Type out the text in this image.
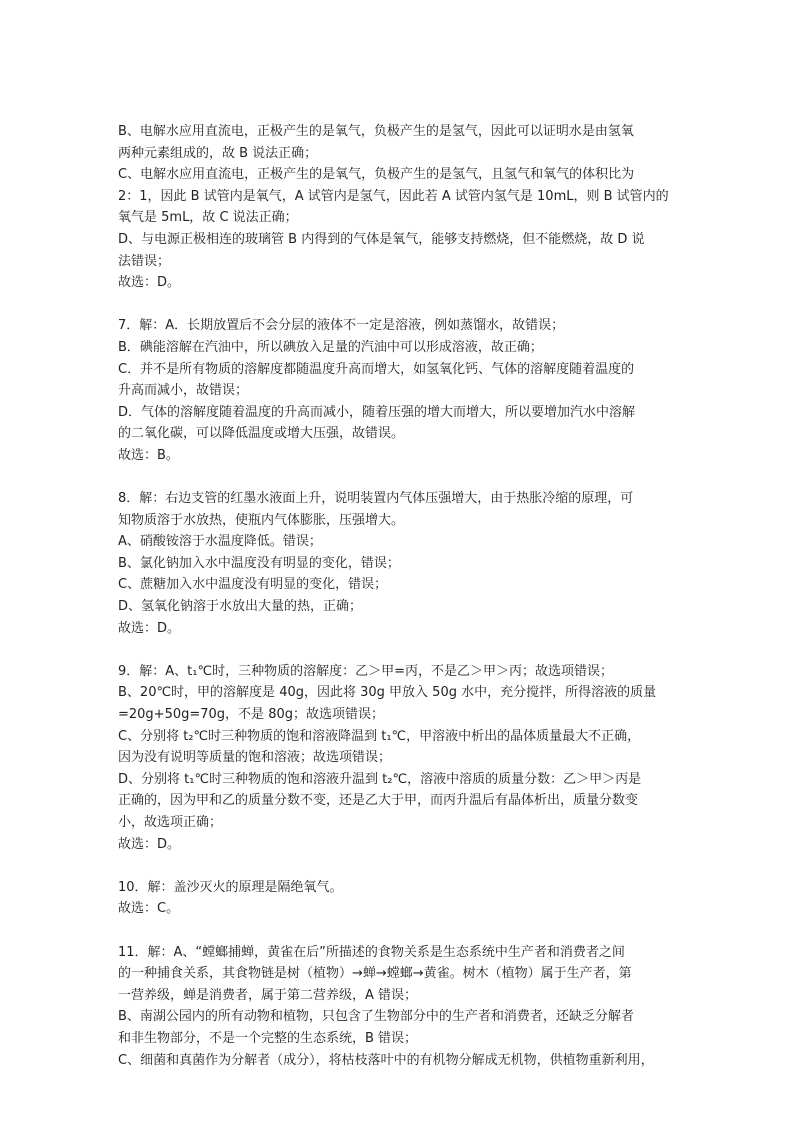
B、电解水应用直流电，正极产生的是氧气，负极产生的是氢气，因此可以证明水是由氢氧
两种元素组成的，故 B 说法正确；
C、电解水应用直流电，正极产生的是氧气，负极产生的是氢气，且氢气和氧气的体积比为
2：1，因此 B 试管内是氧气，A 试管内是氢气，因此若 A 试管内氢气是 10mL，则 B 试管内的
氧气是 5mL，故 C 说法正确；
D、与电源正极相连的玻璃管 B 内得到的气体是氧气，能够支持燃烧，但不能燃烧，故 D 说
法错误；
故选：D。
7．解：A．长期放置后不会分层的液体不一定是溶液，例如蒸馏水，故错误；
B．碘能溶解在汽油中，所以碘放入足量的汽油中可以形成溶液，故正确；
C．并不是所有物质的溶解度都随温度升高而增大，如氢氧化钙、气体的溶解度随着温度的
升高而减小，故错误；
D．气体的溶解度随着温度的升高而减小，随着压强的增大而增大，所以要增加汽水中溶解
的二氧化碳，可以降低温度或增大压强，故错误。
故选：B。
8．解：右边支管的红墨水液面上升，说明装置内气体压强增大，由于热胀冷缩的原理，可
知物质溶于水放热，使瓶内气体膨胀，压强增大。
A、硝酸铵溶于水温度降低。错误；
B、氯化钠加入水中温度没有明显的变化，错误；
C、蔗糖加入水中温度没有明显的变化，错误；
D、氢氧化钠溶于水放出大量的热，正确；
故选：D。
9．解：A、t₁℃时，三种物质的溶解度：乙＞甲=丙，不是乙＞甲＞丙；故选项错误；
B、20℃时，甲的溶解度是 40g，因此将 30g 甲放入 50g 水中，充分搅拌，所得溶液的质量
=20g+50g=70g，不是 80g；故选项错误；
C、分别将 t₂℃时三种物质的饱和溶液降温到 t₁℃，甲溶液中析出的晶体质量最大不正确，
因为没有说明等质量的饱和溶液；故选项错误；
D、分别将 t₁℃时三种物质的饱和溶液升温到 t₂℃，溶液中溶质的质量分数：乙＞甲＞丙是
正确的，因为甲和乙的质量分数不变，还是乙大于甲，而丙升温后有晶体析出，质量分数变
小，故选项正确；
故选：D。
10．解：盖沙灭火的原理是隔绝氧气。
故选：C。
11．解：A、“螳螂捕蝉，黄雀在后”所描述的食物关系是生态系统中生产者和消费者之间
的一种捕食关系，其食物链是树（植物）→蝉→螳螂→黄雀。树木（植物）属于生产者，第
一营养级，蝉是消费者，属于第二营养级，A 错误；
B、南湖公园内的所有动物和植物，只包含了生物部分中的生产者和消费者，还缺乏分解者
和非生物部分，不是一个完整的生态系统，B 错误；
C、细菌和真菌作为分解者（成分），将枯枝落叶中的有机物分解成无机物，供植物重新利用，
